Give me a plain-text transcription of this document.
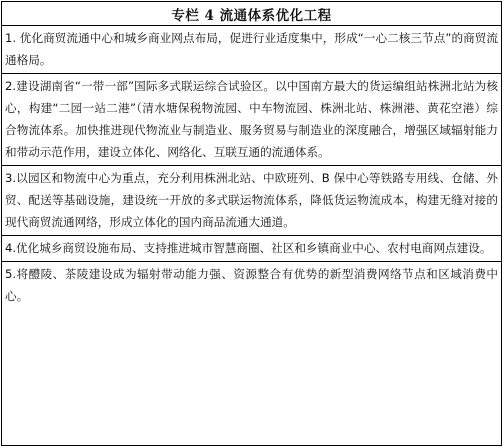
专栏 4 流通体系优化工程
1. 优化商贸流通中心和城乡商业网点布局，促进行业适度集中，形成“一心二核三节点”的商贸流通格局。
2.建设湖南省“一带一部”国际多式联运综合试验区。以中国南方最大的货运编组站株洲北站为核心，构建“二园一站二港”（清水塘保税物流园、中车物流园、株洲北站、株洲港、黄花空港）综合物流体系。加快推进现代物流业与制造业、服务贸易与制造业的深度融合，增强区域辐射能力和带动示范作用，建设立体化、网络化、互联互通的流通体系。
3.以园区和物流中心为重点，充分利用株洲北站、中欧班列、B 保中心等铁路专用线、仓储、外贸、配送等基础设施，建设统一开放的多式联运物流体系，降低货运物流成本，构建无缝对接的现代商贸流通网络，形成立体化的国内商品流通大通道。
4.优化城乡商贸设施布局、支持推进城市智慧商圈、社区和乡镇商业中心、农村电商网点建设。
5.将醴陵、茶陵建设成为辐射带动能力强、资源整合有优势的新型消费网络节点和区域消费中心。
